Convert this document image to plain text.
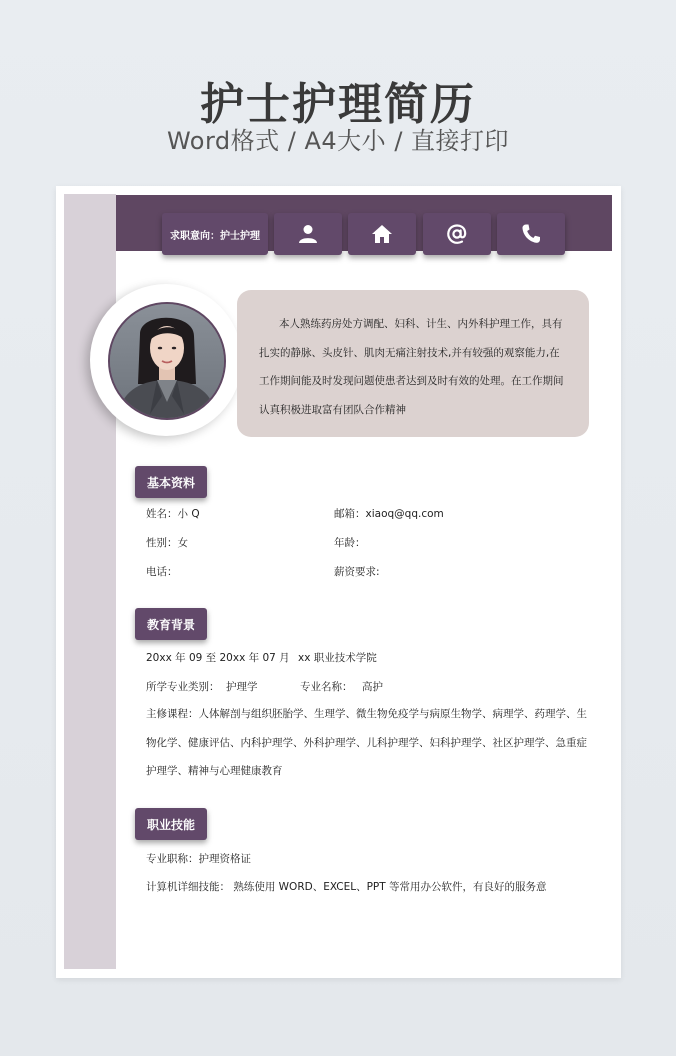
护士护理简历
Word格式 / A4大小 / 直接打印
求职意向：护士护理

本人熟练药房处方调配、妇科、计生、内外科护理工作，具有扎实的静脉、头皮针、肌肉无痛注射技术,并有较强的观察能力,在工作期间能及时发现问题使患者达到及时有效的处理。在工作期间认真积极进取富有团队合作精神

基本资料
姓名：小 Q	邮箱：xiaoq@qq.com
性别：女	年龄：
电话：	薪资要求:
教育背景
20xx 年 09 至 20xx 年 07 月 xx 职业技术学院
所学专业类别： 护理学	专业名称： 高护
主修课程：人体解剖与组织胚胎学、生理学、微生物免疫学与病原生物学、病理学、药理学、生物化学、健康评估、内科护理学、外科护理学、儿科护理学、妇科护理学、社区护理学、急重症护理学、精神与心理健康教育
职业技能
专业职称：护理资格证
计算机详细技能： 熟练使用 WORD、EXCEL、PPT 等常用办公软件，有良好的服务意
